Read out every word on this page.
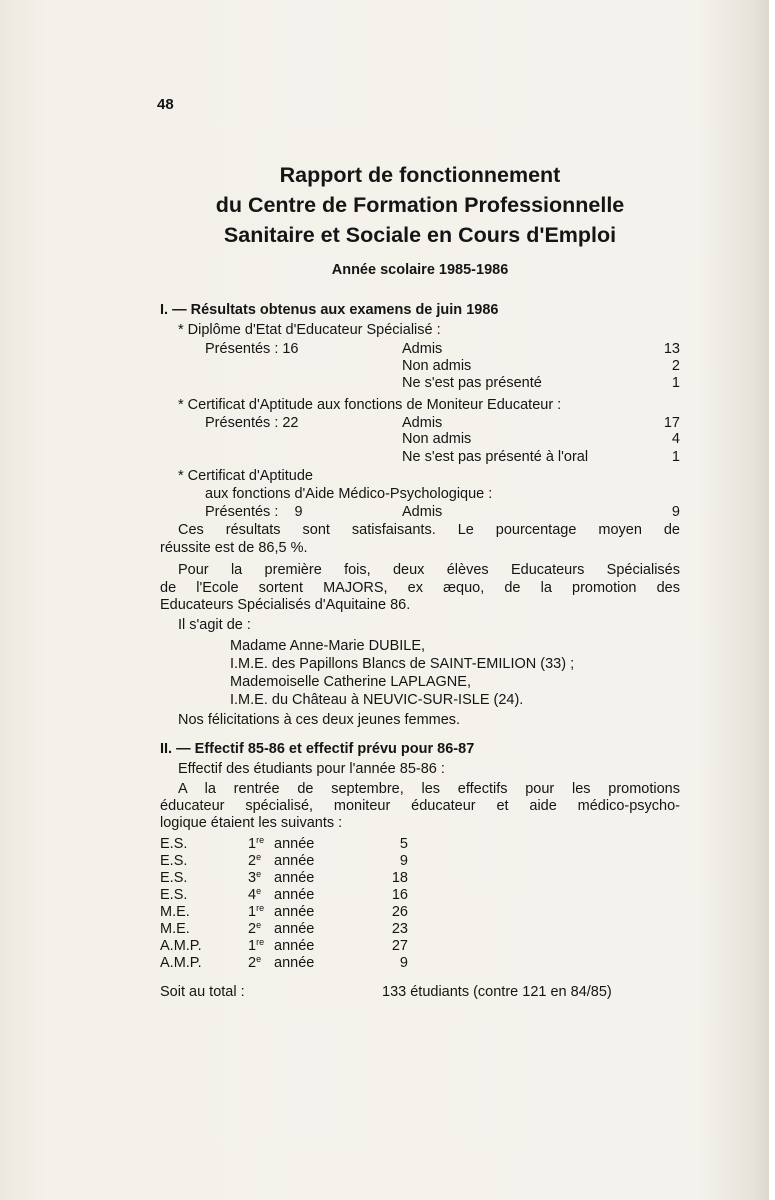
48
Rapport de fonctionnement
du Centre de Formation Professionnelle
Sanitaire et Sociale en Cours d'Emploi
Année scolaire 1985-1986
I. — Résultats obtenus aux examens de juin 1986
* Diplôme d'Etat d'Educateur Spécialisé :
Présentés : 16	Admis	13
Non admis	2
Ne s'est pas présenté	1
* Certificat d'Aptitude aux fonctions de Moniteur Educateur :
Présentés : 22	Admis	17
Non admis	4
Ne s'est pas présenté à l'oral	1
* Certificat d'Aptitude
aux fonctions d'Aide Médico-Psychologique :
Présentés :    9	Admis	9
Ces résultats sont satisfaisants. Le pourcentage moyen de
réussite est de 86,5 %.
Pour la première fois, deux élèves Educateurs Spécialisés
de l'Ecole sortent MAJORS, ex æquo, de la promotion des
Educateurs Spécialisés d'Aquitaine 86.
Il s'agit de :
Madame Anne-Marie DUBILE,
I.M.E. des Papillons Blancs de SAINT-EMILION (33) ;
Mademoiselle Catherine LAPLAGNE,
I.M.E. du Château à NEUVIC-SUR-ISLE (24).
Nos félicitations à ces deux jeunes femmes.
II. — Effectif 85-86 et effectif prévu pour 86-87
Effectif des étudiants pour l'année 85-86 :
A la rentrée de septembre, les effectifs pour les promotions
éducateur spécialisé, moniteur éducateur et aide médico-psycho-
logique étaient les suivants :
E.S.	1re année	5
E.S.	2e année	9
E.S.	3e année	18
E.S.	4e année	16
M.E.	1re année	26
M.E.	2e année	23
A.M.P.	1re année	27
A.M.P.	2e année	9
Soit au total :	133 étudiants (contre 121 en 84/85)
